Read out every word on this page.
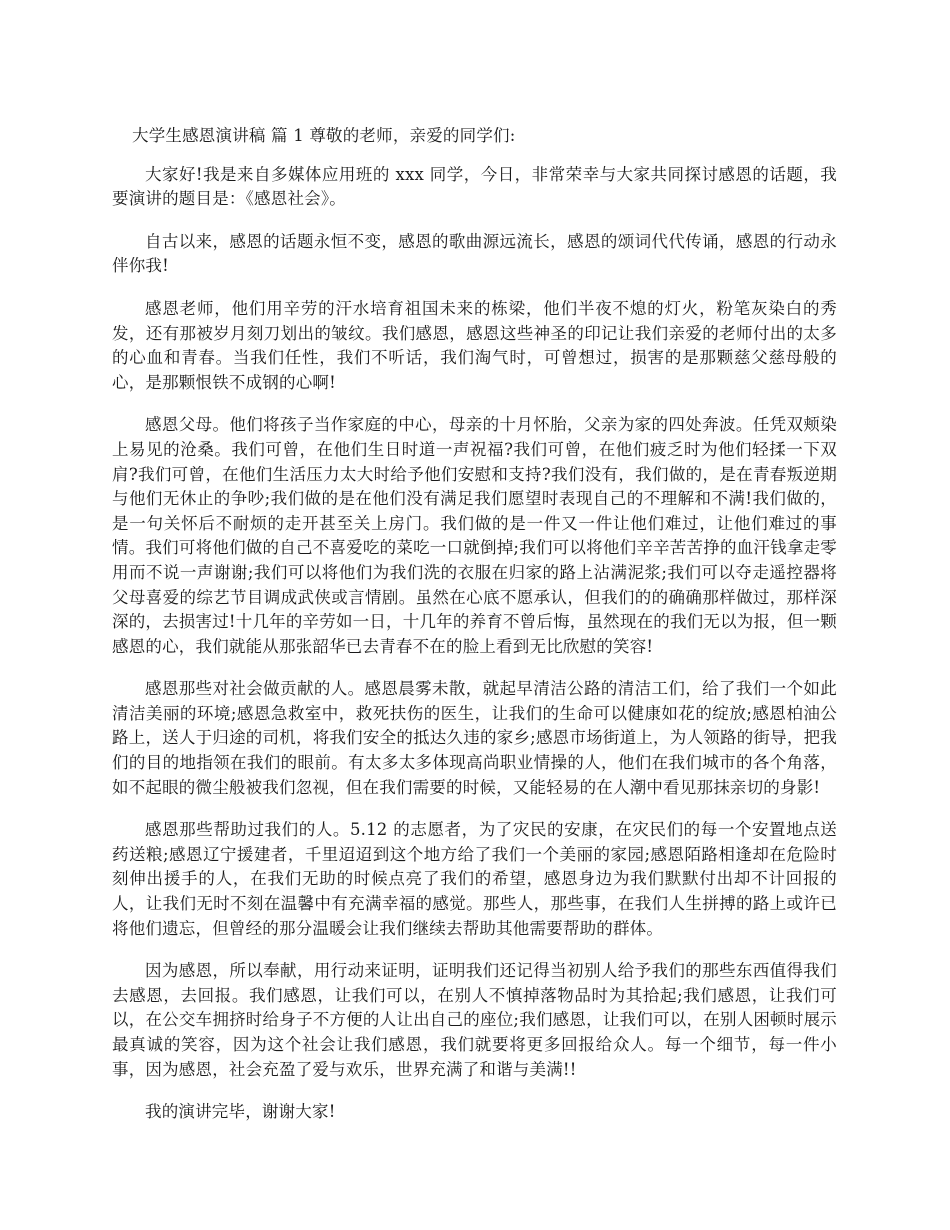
大学生感恩演讲稿 篇 1 尊敬的老师，亲爱的同学们:

大家好!我是来自多媒体应用班的 xxx 同学，今日，非常荣幸与大家共同探讨感恩的话题，我要演讲的题目是：《感恩社会》。

自古以来，感恩的话题永恒不变，感恩的歌曲源远流长，感恩的颂词代代传诵，感恩的行动永伴你我!

感恩老师，他们用辛劳的汗水培育祖国未来的栋梁，他们半夜不熄的灯火，粉笔灰染白的秀发，还有那被岁月刻刀划出的皱纹。我们感恩，感恩这些神圣的印记让我们亲爱的老师付出的太多的心血和青春。当我们任性，我们不听话，我们淘气时，可曾想过，损害的是那颗慈父慈母般的心，是那颗恨铁不成钢的心啊!

感恩父母。他们将孩子当作家庭的中心，母亲的十月怀胎，父亲为家的四处奔波。任凭双颊染上易见的沧桑。我们可曾，在他们生日时道一声祝福?我们可曾，在他们疲乏时为他们轻揉一下双肩?我们可曾，在他们生活压力太大时给予他们安慰和支持?我们没有，我们做的，是在青春叛逆期与他们无休止的争吵;我们做的是在他们没有满足我们愿望时表现自己的不理解和不满!我们做的，是一句关怀后不耐烦的走开甚至关上房门。我们做的是一件又一件让他们难过，让他们难过的事情。我们可将他们做的自己不喜爱吃的菜吃一口就倒掉;我们可以将他们辛辛苦苦挣的血汗钱拿走零用而不说一声谢谢;我们可以将他们为我们洗的衣服在归家的路上沾满泥浆;我们可以夺走遥控器将父母喜爱的综艺节目调成武侠或言情剧。虽然在心底不愿承认，但我们的的确确那样做过，那样深深的，去损害过!十几年的辛劳如一日，十几年的养育不曾后悔，虽然现在的我们无以为报，但一颗感恩的心，我们就能从那张韶华已去青春不在的脸上看到无比欣慰的笑容!

感恩那些对社会做贡献的人。感恩晨雾未散，就起早清洁公路的清洁工们，给了我们一个如此清洁美丽的环境;感恩急救室中，救死扶伤的医生，让我们的生命可以健康如花的绽放;感恩柏油公路上，送人于归途的司机，将我们安全的抵达久违的家乡;感恩市场街道上，为人领路的街导，把我们的目的地指领在我们的眼前。有太多太多体现高尚职业情操的人，他们在我们城市的各个角落，如不起眼的微尘般被我们忽视，但在我们需要的时候，又能轻易的在人潮中看见那抹亲切的身影!

感恩那些帮助过我们的人。5.12 的志愿者，为了灾民的安康，在灾民们的每一个安置地点送药送粮;感恩辽宁援建者，千里迢迢到这个地方给了我们一个美丽的家园;感恩陌路相逢却在危险时刻伸出援手的人，在我们无助的时候点亮了我们的希望，感恩身边为我们默默付出却不计回报的人，让我们无时不刻在温馨中有充满幸福的感觉。那些人，那些事，在我们人生拼搏的路上或许已将他们遗忘，但曾经的那分温暖会让我们继续去帮助其他需要帮助的群体。

因为感恩，所以奉献，用行动来证明，证明我们还记得当初别人给予我们的那些东西值得我们去感恩，去回报。我们感恩，让我们可以，在别人不慎掉落物品时为其拾起;我们感恩，让我们可以，在公交车拥挤时给身子不方便的人让出自己的座位;我们感恩，让我们可以，在别人困顿时展示最真诚的笑容，因为这个社会让我们感恩，我们就要将更多回报给众人。每一个细节，每一件小事，因为感恩，社会充盈了爱与欢乐，世界充满了和谐与美满!!

我的演讲完毕，谢谢大家!
